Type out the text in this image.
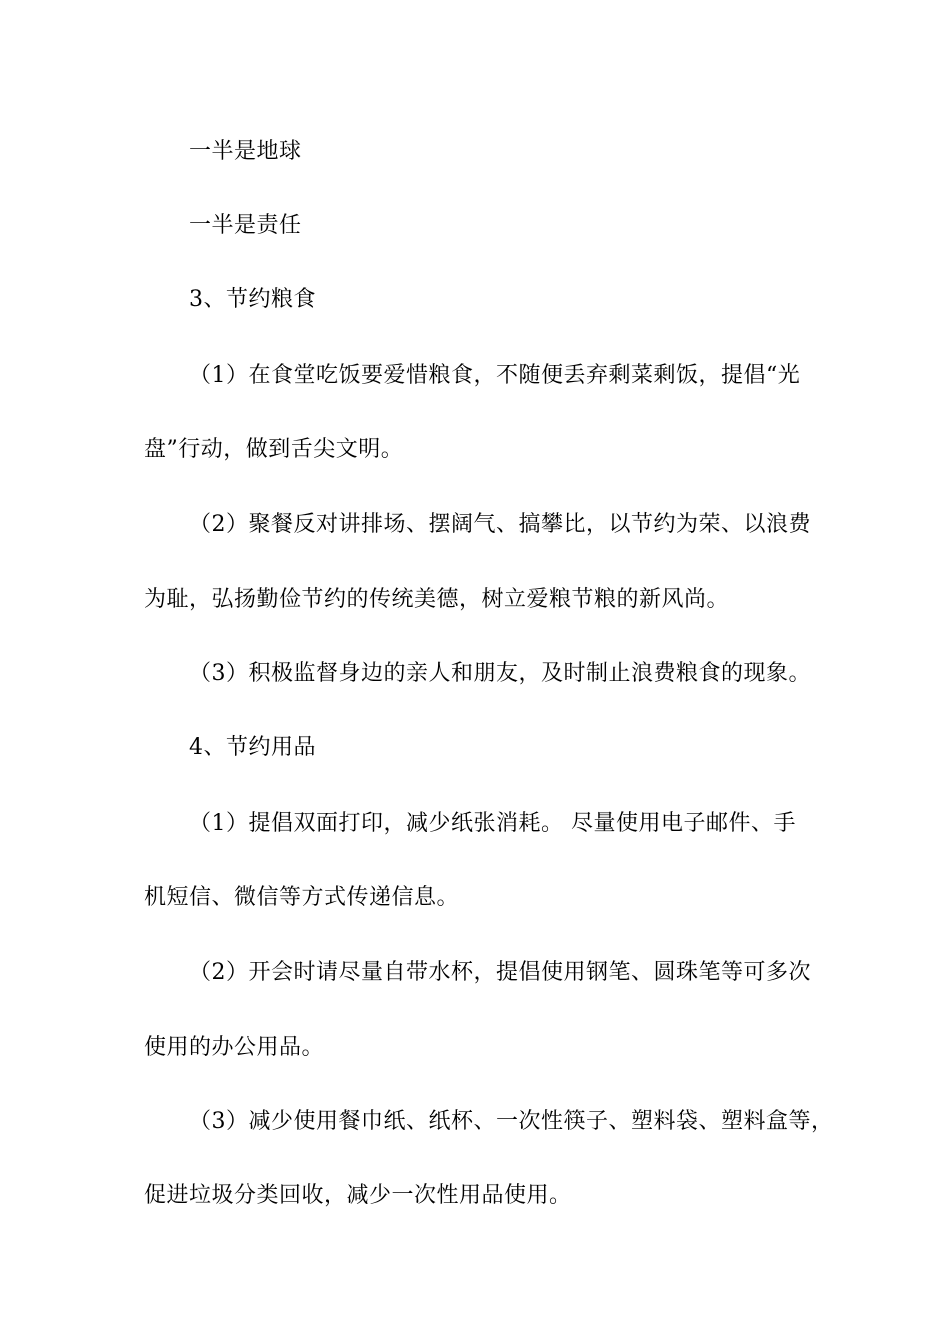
一半是地球
一半是责任
3、节约粮食
（1）在食堂吃饭要爱惜粮食，不随便丢弃剩菜剩饭，提倡“光
盘”行动，做到舌尖文明。
（2）聚餐反对讲排场、摆阔气、搞攀比，以节约为荣、以浪费
为耻，弘扬勤俭节约的传统美德，树立爱粮节粮的新风尚。
（3）积极监督身边的亲人和朋友，及时制止浪费粮食的现象。
4、节约用品
（1）提倡双面打印，减少纸张消耗。 尽量使用电子邮件、手
机短信、微信等方式传递信息。
（2）开会时请尽量自带水杯，提倡使用钢笔、圆珠笔等可多次
使用的办公用品。
（3）减少使用餐巾纸、纸杯、一次性筷子、塑料袋、塑料盒等，
促进垃圾分类回收，减少一次性用品使用。
